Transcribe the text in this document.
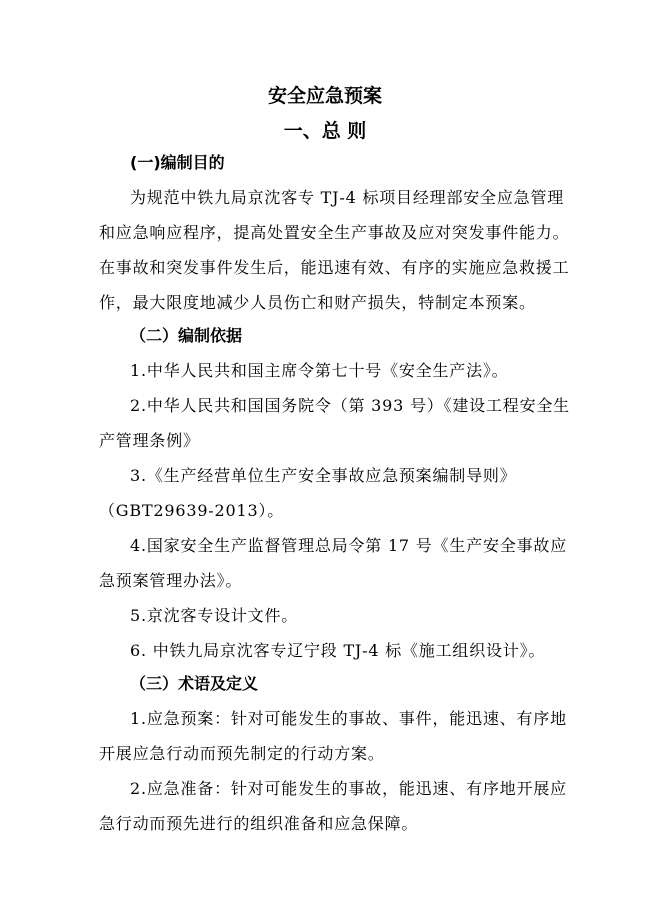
安全应急预案
一、总 则
(一)编制目的
为规范中铁九局京沈客专 TJ-4 标项目经理部安全应急管理
和应急响应程序，提高处置安全生产事故及应对突发事件能力。
在事故和突发事件发生后，能迅速有效、有序的实施应急救援工
作，最大限度地减少人员伤亡和财产损失，特制定本预案。
（二）编制依据
1.中华人民共和国主席令第七十号《安全生产法》。
2.中华人民共和国国务院令（第 393 号）《建设工程安全生
产管理条例》
3.《生产经营单位生产安全事故应急预案编制导则》
（GBT29639-2013）。
4.国家安全生产监督管理总局令第 17 号《生产安全事故应
急预案管理办法》。
5.京沈客专设计文件。
6. 中铁九局京沈客专辽宁段 TJ-4 标《施工组织设计》。
（三）术语及定义
1.应急预案：针对可能发生的事故、事件，能迅速、有序地
开展应急行动而预先制定的行动方案。
2.应急准备：针对可能发生的事故，能迅速、有序地开展应
急行动而预先进行的组织准备和应急保障。
